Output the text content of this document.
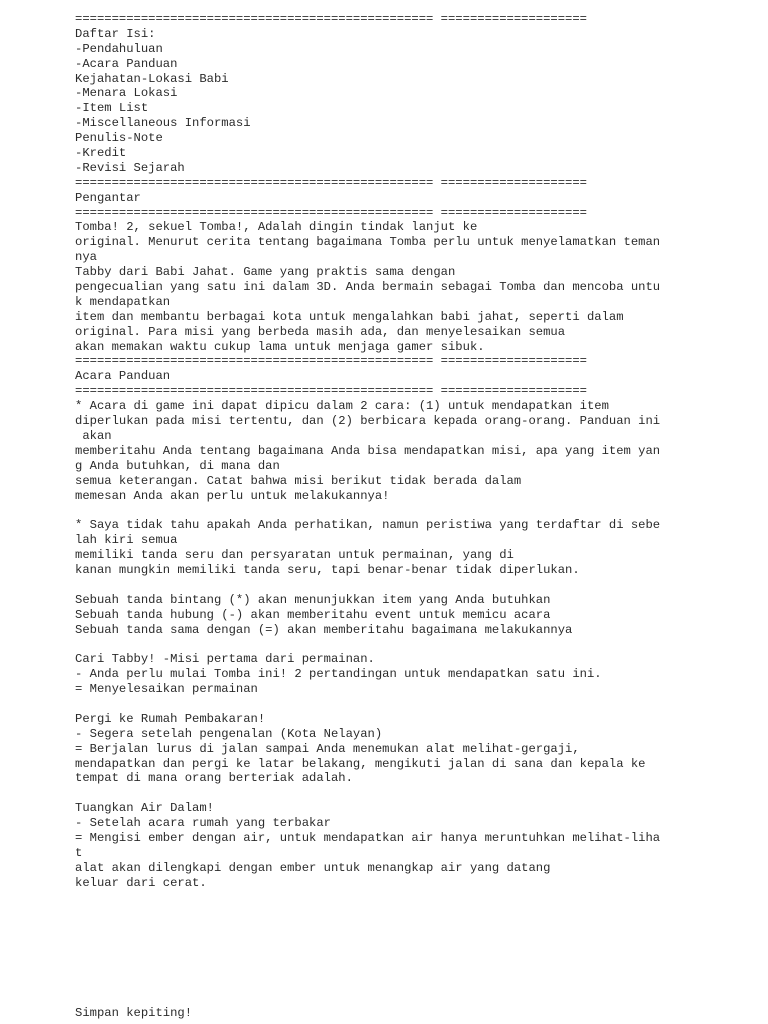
================================================= ====================
Daftar Isi:
-Pendahuluan
-Acara Panduan
Kejahatan-Lokasi Babi
-Menara Lokasi
-Item List
-Miscellaneous Informasi
Penulis-Note
-Kredit
-Revisi Sejarah
================================================= ====================
Pengantar
================================================= ====================
Tomba! 2, sekuel Tomba!, Adalah dingin tindak lanjut ke
original. Menurut cerita tentang bagaimana Tomba perlu untuk menyelamatkan teman
nya
Tabby dari Babi Jahat. Game yang praktis sama dengan
pengecualian yang satu ini dalam 3D. Anda bermain sebagai Tomba dan mencoba untu
k mendapatkan
item dan membantu berbagai kota untuk mengalahkan babi jahat, seperti dalam
original. Para misi yang berbeda masih ada, dan menyelesaikan semua
akan memakan waktu cukup lama untuk menjaga gamer sibuk.
================================================= ====================
Acara Panduan
================================================= ====================
* Acara di game ini dapat dipicu dalam 2 cara: (1) untuk mendapatkan item
diperlukan pada misi tertentu, dan (2) berbicara kepada orang-orang. Panduan ini
akan
memberitahu Anda tentang bagaimana Anda bisa mendapatkan misi, apa yang item yan
g Anda butuhkan, di mana dan
semua keterangan. Catat bahwa misi berikut tidak berada dalam
memesan Anda akan perlu untuk melakukannya!
* Saya tidak tahu apakah Anda perhatikan, namun peristiwa yang terdaftar di sebe
lah kiri semua
memiliki tanda seru dan persyaratan untuk permainan, yang di
kanan mungkin memiliki tanda seru, tapi benar-benar tidak diperlukan.
Sebuah tanda bintang (*) akan menunjukkan item yang Anda butuhkan
Sebuah tanda hubung (-) akan memberitahu event untuk memicu acara
Sebuah tanda sama dengan (=) akan memberitahu bagaimana melakukannya
Cari Tabby! -Misi pertama dari permainan.
- Anda perlu mulai Tomba ini! 2 pertandingan untuk mendapatkan satu ini.
= Menyelesaikan permainan
Pergi ke Rumah Pembakaran!
- Segera setelah pengenalan (Kota Nelayan)
= Berjalan lurus di jalan sampai Anda menemukan alat melihat-gergaji,
mendapatkan dan pergi ke latar belakang, mengikuti jalan di sana dan kepala ke
tempat di mana orang berteriak adalah.
Tuangkan Air Dalam!
- Setelah acara rumah yang terbakar
= Mengisi ember dengan air, untuk mendapatkan air hanya meruntuhkan melihat-liha
t
alat akan dilengkapi dengan ember untuk menangkap air yang datang
keluar dari cerat.
Simpan kepiting!
